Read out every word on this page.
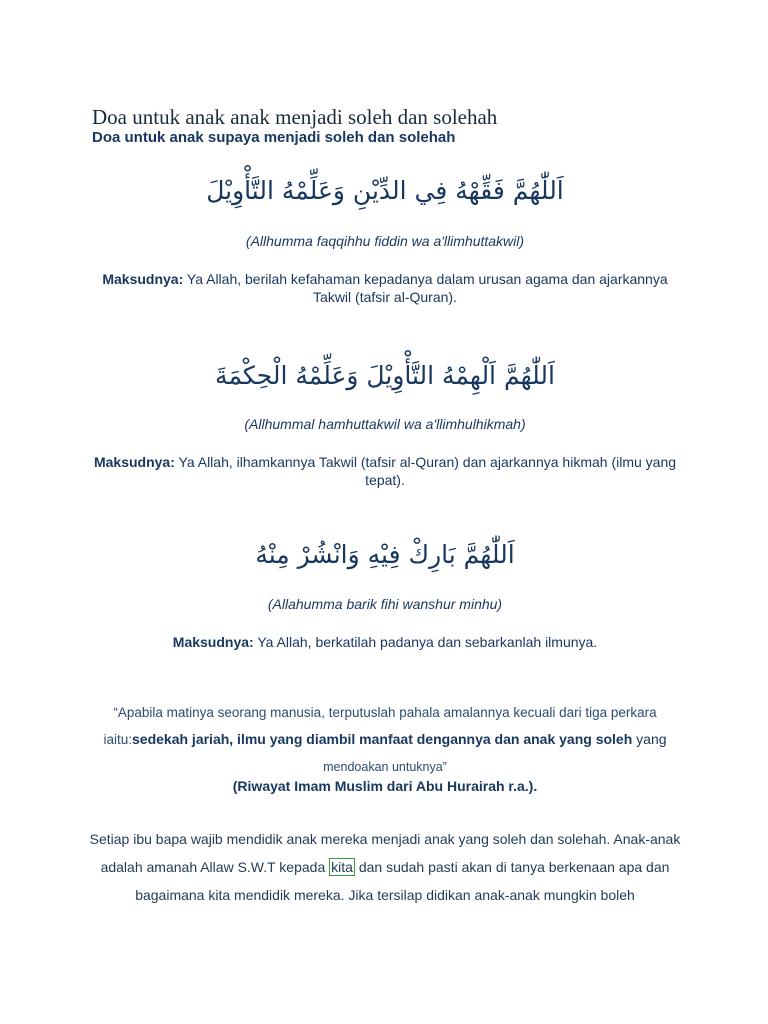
Doa untuk anak anak menjadi soleh dan solehah
Doa untuk anak supaya menjadi soleh dan solehah
اَللّٰهُمَّ فَقِّهْهُ فِي الدِّيْنِ وَعَلِّمْهُ التَّأْوِيْلَ
(Allhumma faqqihhu fiddin wa a'llimhuttakwil)
Maksudnya: Ya Allah, berilah kefahaman kepadanya dalam urusan agama dan ajarkannya Takwil (tafsir al-Quran).
اَللّٰهُمَّ اَلْهِمْهُ التَّأْوِيْلَ وَعَلِّمْهُ الْحِكْمَةَ
(Allhummal hamhuttakwil wa a'llimhulhikmah)
Maksudnya: Ya Allah, ilhamkannya Takwil (tafsir al-Quran) dan ajarkannya hikmah (ilmu yang tepat).
اَللّٰهُمَّ بَارِكْ فِيْهِ وَانْشُرْ مِنْهُ
(Allahumma barik fihi wanshur minhu)
Maksudnya: Ya Allah, berkatilah padanya dan sebarkanlah ilmunya.
“Apabila matinya seorang manusia, terputuslah pahala amalannya kecuali dari tiga perkara iaitu:sedekah jariah, ilmu yang diambil manfaat dengannya dan anak yang soleh yang
mendoakan untuknya”
(Riwayat Imam Muslim dari Abu Hurairah r.a.).
Setiap ibu bapa wajib mendidik anak mereka menjadi anak yang soleh dan solehah. Anak-anak adalah amanah Allaw S.W.T kepada kita dan sudah pasti akan di tanya berkenaan apa dan bagaimana kita mendidik mereka. Jika tersilap didikan anak-anak mungkin boleh
